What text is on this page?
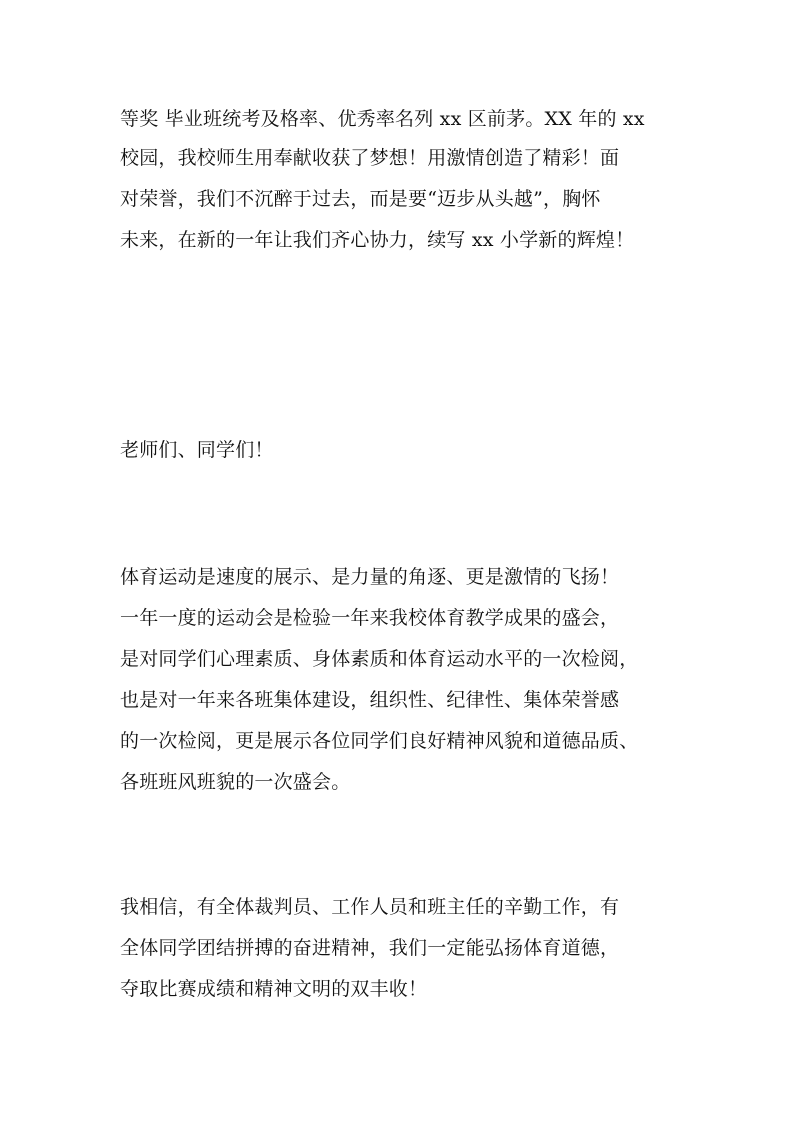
等奖 毕业班统考及格率、优秀率名列 xx 区前茅。XX 年的 xx
校园，我校师生用奉献收获了梦想！用激情创造了精彩！面
对荣誉，我们不沉醉于过去，而是要“迈步从头越”，胸怀
未来，在新的一年让我们齐心协力，续写 xx 小学新的辉煌！
老师们、同学们！
体育运动是速度的展示、是力量的角逐、更是激情的飞扬！
一年一度的运动会是检验一年来我校体育教学成果的盛会，
是对同学们心理素质、身体素质和体育运动水平的一次检阅，
也是对一年来各班集体建设，组织性、纪律性、集体荣誉感
的一次检阅，更是展示各位同学们良好精神风貌和道德品质、
各班班风班貌的一次盛会。
我相信，有全体裁判员、工作人员和班主任的辛勤工作，有
全体同学团结拼搏的奋进精神，我们一定能弘扬体育道德，
夺取比赛成绩和精神文明的双丰收！
